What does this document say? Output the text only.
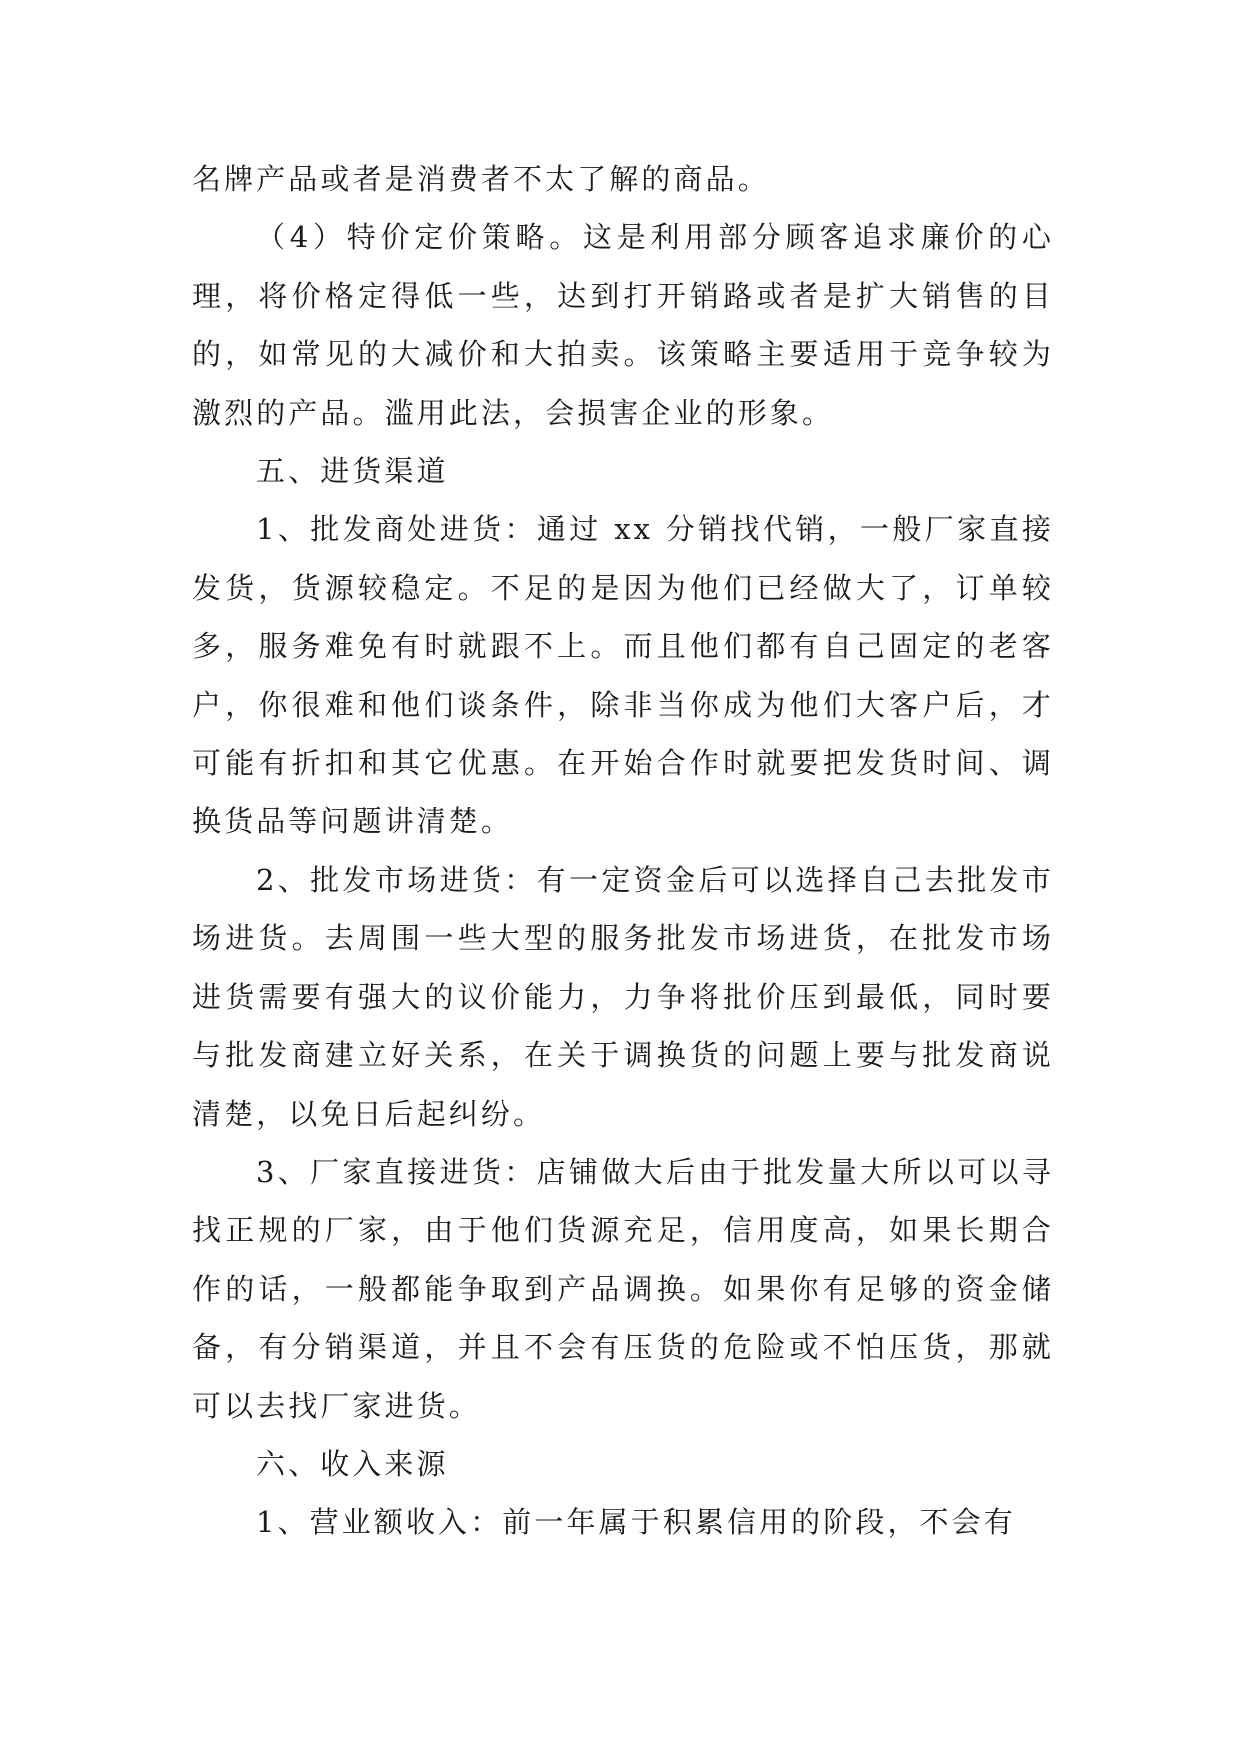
名牌产品或者是消费者不太了解的商品。

（4）特价定价策略。这是利用部分顾客追求廉价的心理，将价格定得低一些，达到打开销路或者是扩大销售的目的，如常见的大减价和大拍卖。该策略主要适用于竞争较为激烈的产品。滥用此法，会损害企业的形象。

五、进货渠道

1、批发商处进货：通过 xx 分销找代销，一般厂家直接发货，货源较稳定。不足的是因为他们已经做大了，订单较多，服务难免有时就跟不上。而且他们都有自己固定的老客户，你很难和他们谈条件，除非当你成为他们大客户后，才可能有折扣和其它优惠。在开始合作时就要把发货时间、调换货品等问题讲清楚。

2、批发市场进货：有一定资金后可以选择自己去批发市场进货。去周围一些大型的服务批发市场进货，在批发市场进货需要有强大的议价能力，力争将批价压到最低，同时要与批发商建立好关系，在关于调换货的问题上要与批发商说清楚，以免日后起纠纷。

3、厂家直接进货：店铺做大后由于批发量大所以可以寻找正规的厂家，由于他们货源充足，信用度高，如果长期合作的话，一般都能争取到产品调换。如果你有足够的资金储备，有分销渠道，并且不会有压货的危险或不怕压货，那就可以去找厂家进货。

六、收入来源

1、营业额收入：前一年属于积累信用的阶段，不会有
